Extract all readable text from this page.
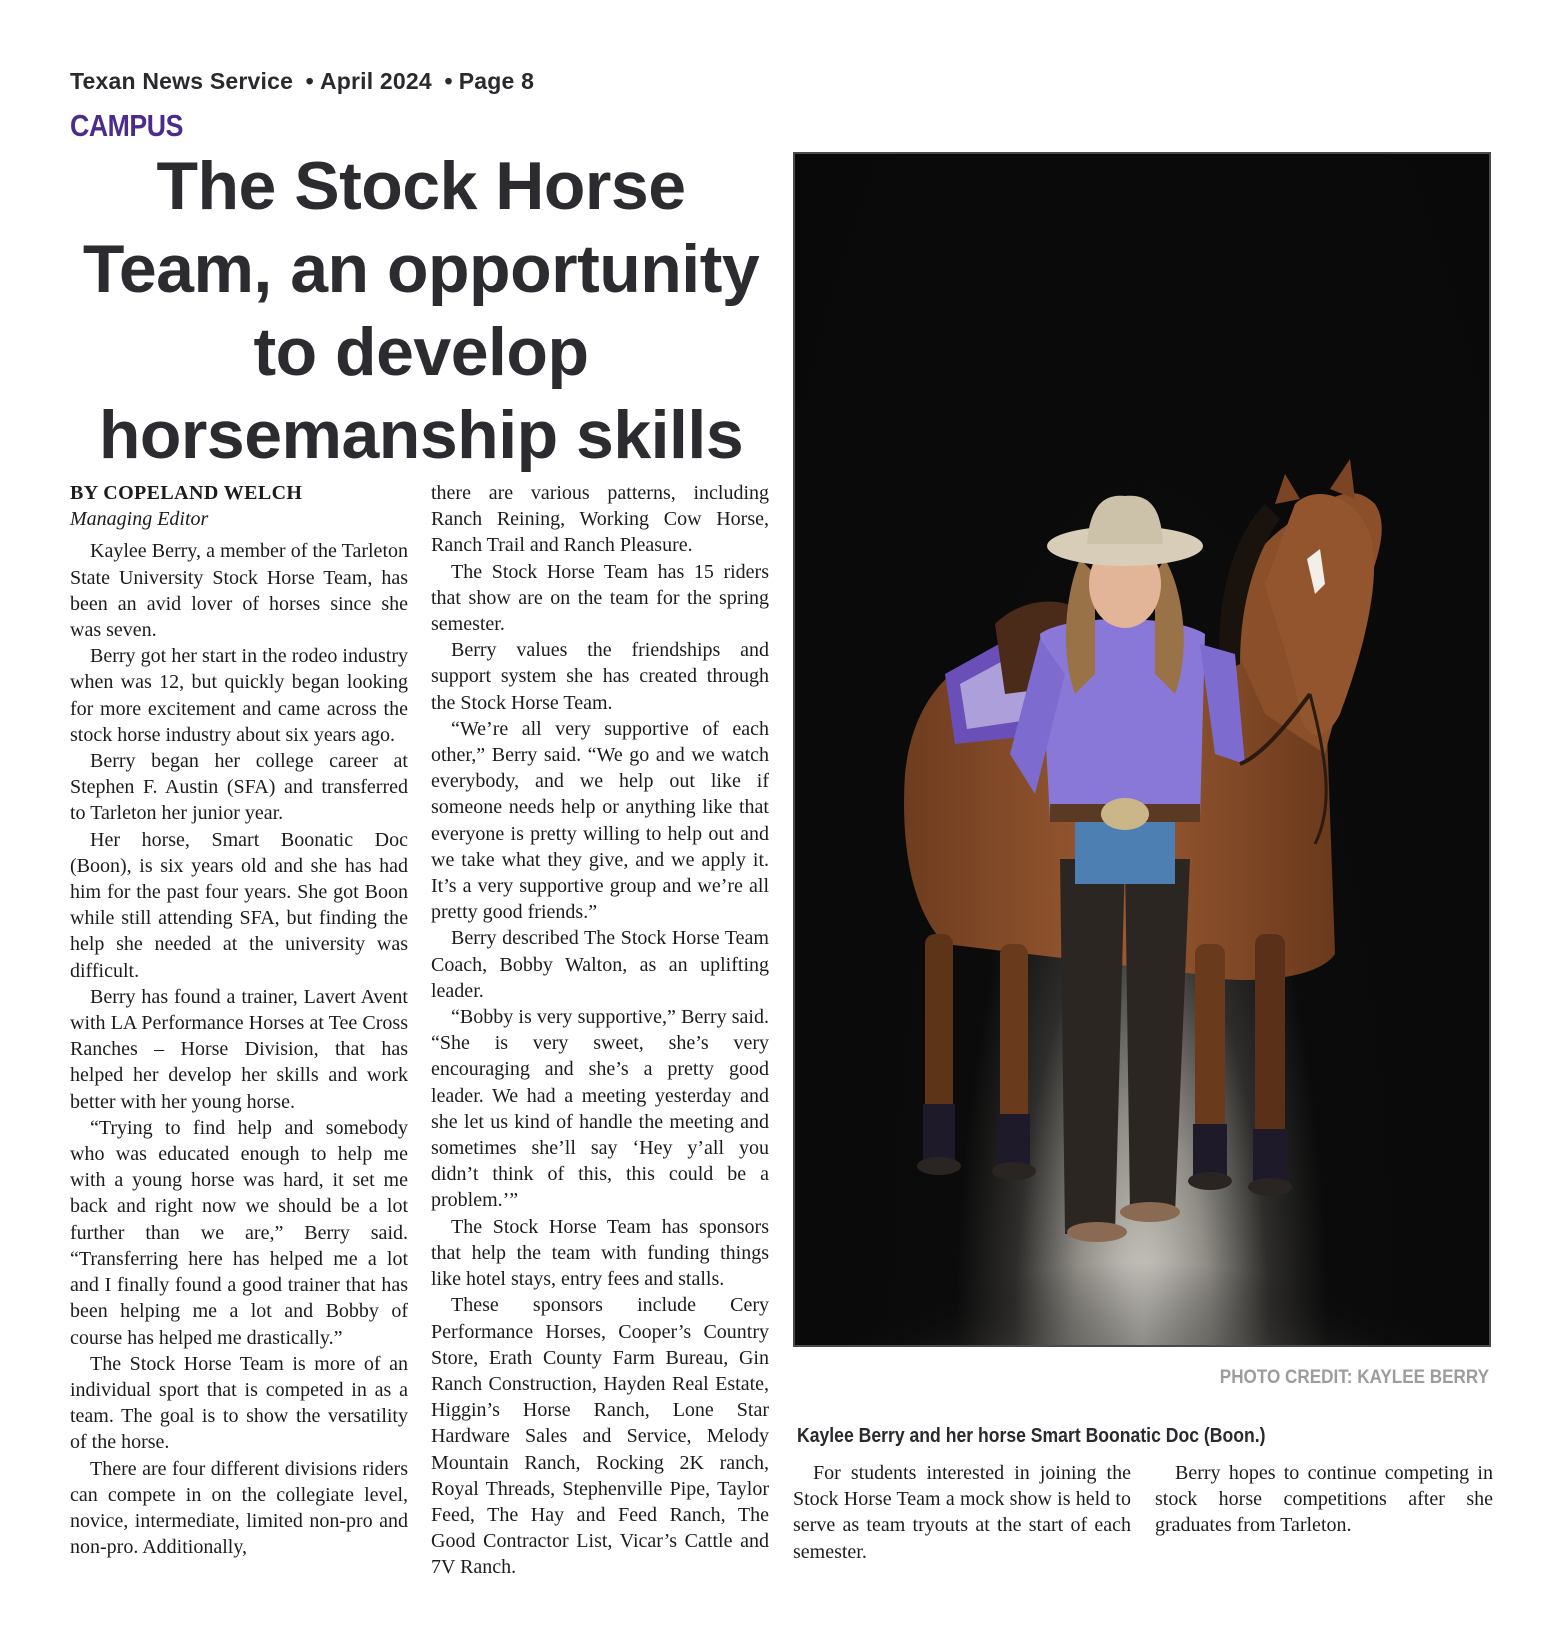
Texan News Service • April 2024 • Page 8
CAMPUS
The Stock Horse Team, an opportunity to develop horsemanship skills

BY COPELAND WELCH

Managing Editor

Kaylee Berry, a member of the Tarleton State University Stock Horse Team, has been an avid lover of horses since she was seven.

Berry got her start in the rodeo industry when was 12, but quickly began looking for more excitement and came across the stock horse industry about six years ago.

Berry began her college career at Stephen F. Austin (SFA) and transferred to Tarleton her junior year.

Her horse, Smart Boonatic Doc (Boon), is six years old and she has had him for the past four years. She got Boon while still attending SFA, but finding the help she needed at the university was difficult.

Berry has found a trainer, Lavert Avent with LA Performance Horses at Tee Cross Ranches – Horse Division, that has helped her develop her skills and work better with her young horse.

“Trying to find help and somebody who was educated enough to help me with a young horse was hard, it set me back and right now we should be a lot further than we are,” Berry said. “Transferring here has helped me a lot and I finally found a good trainer that has been helping me a lot and Bobby of course has helped me drastically.”

The Stock Horse Team is more of an individual sport that is competed in as a team. The goal is to show the versatility of the horse.

There are four different divisions riders can compete in on the collegiate level, novice, intermediate, limited non-pro and non-pro. Additionally,

there are various patterns, including Ranch Reining, Working Cow Horse, Ranch Trail and Ranch Pleasure.

The Stock Horse Team has 15 riders that show are on the team for the spring semester.

Berry values the friendships and support system she has created through the Stock Horse Team.

“We’re all very supportive of each other,” Berry said. “We go and we watch everybody, and we help out like if someone needs help or anything like that everyone is pretty willing to help out and we take what they give, and we apply it. It’s a very supportive group and we’re all pretty good friends.”

Berry described The Stock Horse Team Coach, Bobby Walton, as an uplifting leader.

“Bobby is very supportive,” Berry said. “She is very sweet, she’s very encouraging and she’s a pretty good leader. We had a meeting yesterday and she let us kind of handle the meeting and sometimes she’ll say ‘Hey y’all you didn’t think of this, this could be a problem.’”

The Stock Horse Team has sponsors that help the team with funding things like hotel stays, entry fees and stalls.

These sponsors include Cery Performance Horses, Cooper’s Country Store, Erath County Farm Bureau, Gin Ranch Construction, Hayden Real Estate, Higgin’s Horse Ranch, Lone Star Hardware Sales and Service, Melody Mountain Ranch, Rocking 2K ranch, Royal Threads, Stephenville Pipe, Taylor Feed, The Hay and Feed Ranch, The Good Contractor List, Vicar’s Cattle and 7V Ranch.

PHOTO CREDIT: KAYLEE BERRY
Kaylee Berry and her horse Smart Boonatic Doc (Boon.)

For students interested in joining the Stock Horse Team a mock show is held to serve as team tryouts at the start of each semester.

Berry hopes to continue competing in stock horse competitions after she graduates from Tarleton.
